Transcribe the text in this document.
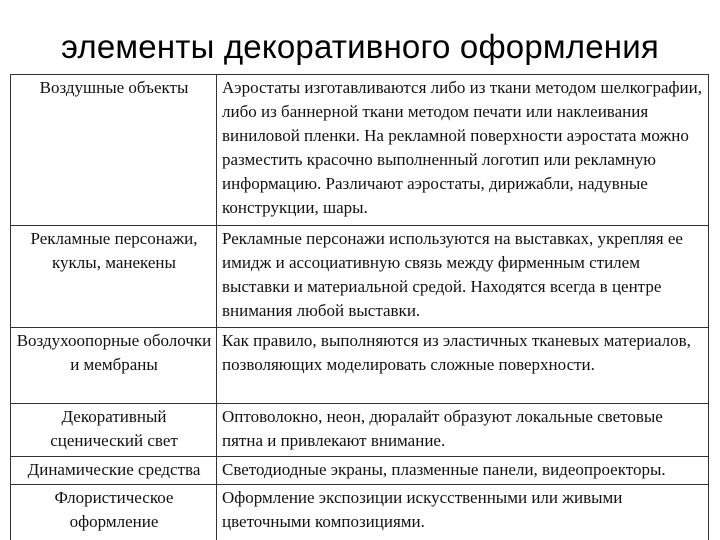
элементы декоративного оформления
Воздушные объекты	Аэростаты изготавливаются либо из ткани методом шелкографии, либо из баннерной ткани методом печати или наклеивания виниловой пленки. На рекламной поверхности аэростата можно разместить красочно выполненный логотип или рекламную информацию. Различают аэростаты, дирижабли, надувные конструкции, шары.
Рекламные персонажи, куклы, манекены	Рекламные персонажи используются на выставках, укрепляя ее имидж и ассоциативную связь между фирменным стилем выставки и материальной средой. Находятся всегда в центре внимания любой выставки.
Воздухоопорные оболочки и мембраны	Как правило, выполняются из эластичных тканевых материалов, позволяющих моделировать сложные поверхности.
Декоративный сценический свет	Оптоволокно, неон, дюралайт образуют локальные световые пятна и привлекают внимание.
Динамические средства	Светодиодные экраны, плазменные панели, видеопроекторы.
Флористическое оформление	Оформление экспозиции искусственными или живыми цветочными композициями.
